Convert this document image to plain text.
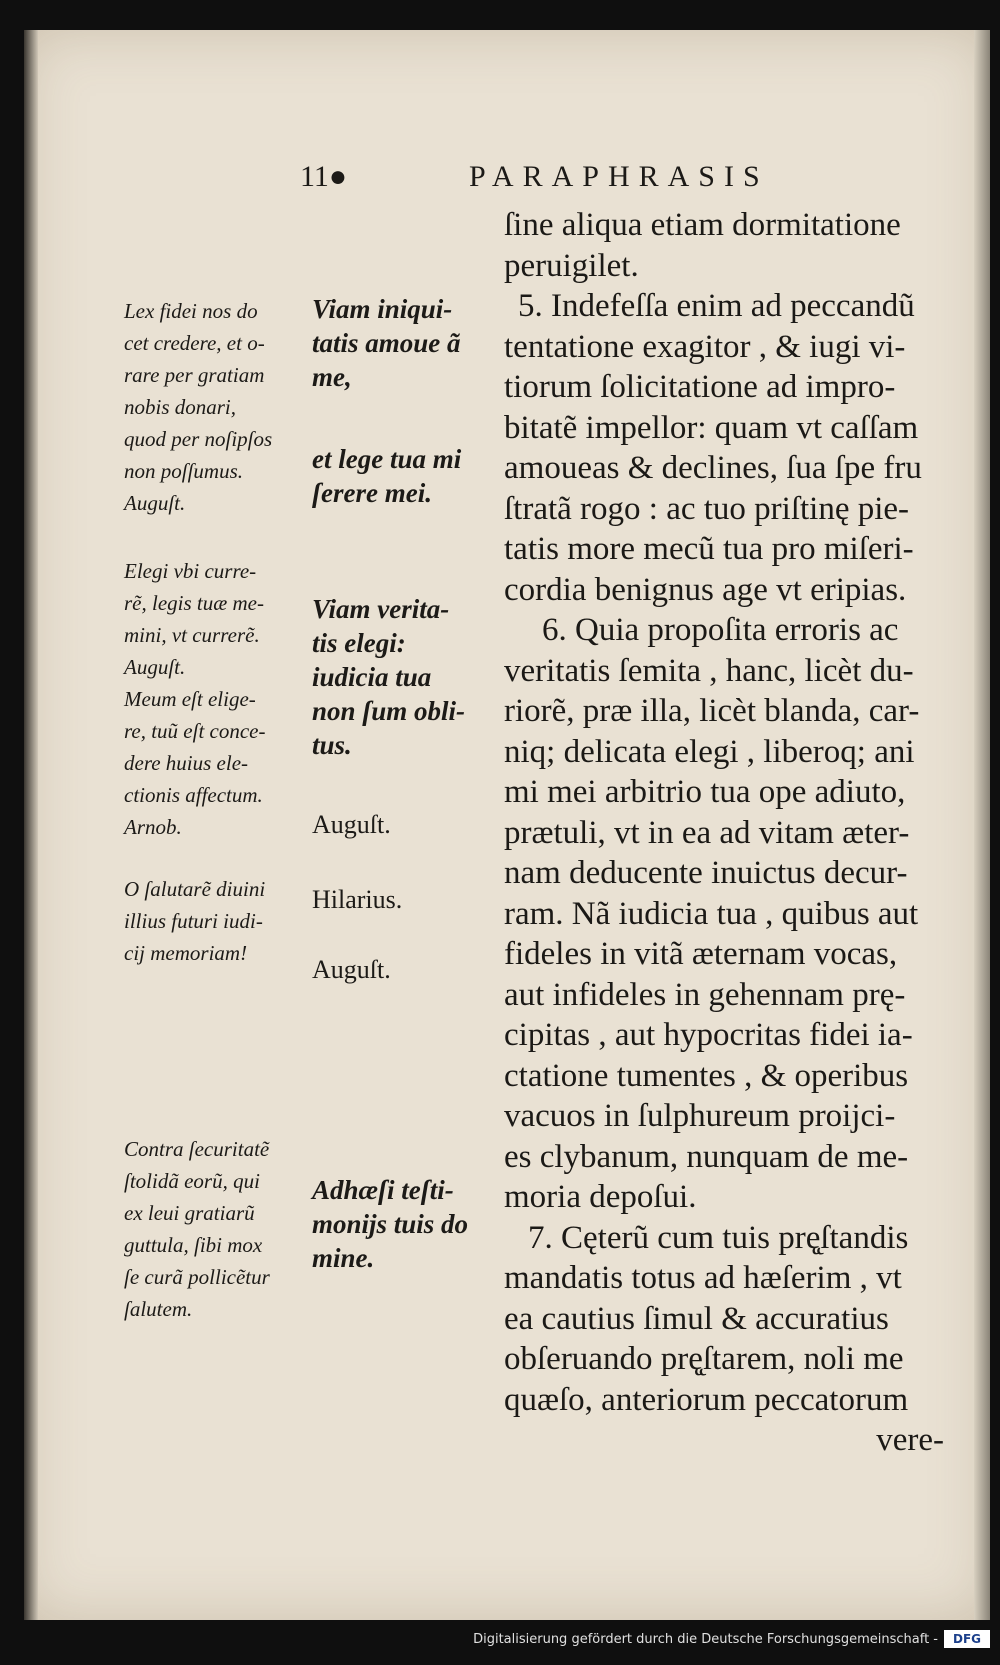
11●	PARAPHRASIS
ſine aliqua etiam dormitatione
peruigilet.
5. Indefeſſa enim ad peccandũ
tentatione exagitor , & iugi vi-
tiorum ſolicitatione ad impro-
bitatẽ impellor: quam vt caſſam
amoueas & declines, ſua ſpe fru
ſtratã rogo : ac tuo priſtinę pie-
tatis more mecũ tua pro miſeri-
cordia benignus age vt eripias.
6. Quia propoſita erroris ac
veritatis ſemita , hanc, licèt du-
riorẽ, præ illa, licèt blanda, car-
niq; delicata elegi , liberoq; ani
mi mei arbitrio tua ope adiuto,
prætuli, vt in ea ad vitam æter-
nam deducente inuictus decur-
ram. Nã iudicia tua , quibus aut
fideles in vitã æternam vocas,
aut infideles in gehennam prę-
cipitas , aut hypocritas fidei ia-
ctatione tumentes , & operibus
vacuos in ſulphureum proijci-
es clybanum, nunquam de me-
moria depoſui.
7. Cęterũ cum tuis prę̨ſtandis
mandatis totus ad hæſerim , vt
ea cautius ſimul & accuratius
obſeruando prę̨ſtarem, noli me
quæſo, anteriorum peccatorum
vere-
Lex fidei nos do
cet credere, et o-
rare per gratiam
nobis donari,
quod per noſipſos
non poſſumus.
Auguſt.
Elegi vbi curre-
rẽ, legis tuæ me-
mini, vt currerẽ.
Auguſt.
Meum eſt elige-
re, tuũ eſt conce-
dere huius ele-
ctionis affectum.
Arnob.
O ſalutarẽ diuini
illius futuri iudi-
cij memoriam!
Contra ſecuritatẽ
ſtolidã eorũ, qui
ex leui gratiarũ
guttula, ſibi mox
ſe curã pollicẽtur
ſalutem.
Viam iniqui-
tatis amoue ã
me,
et lege tua mi
ſerere mei.
Viam verita-
tis elegi:
iudicia tua
non ſum obli-
tus.
Adhæſi teſti-
monijs tuis do
mine.
Auguſt.
Hilarius.
Auguſt.
Digitalisierung gefördert durch die Deutsche Forschungsgemeinschaft -	DFG
